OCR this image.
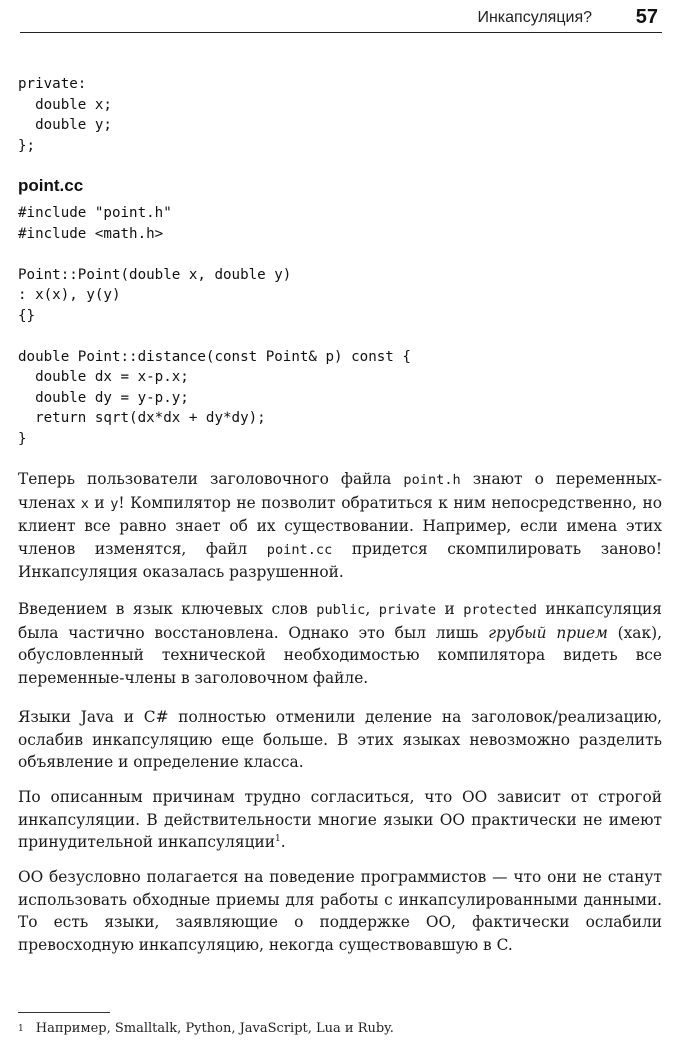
Инкапсуляция? 57
private:
double x;
double y;
};
point.cc
#include "point.h"
#include <math.h>

Point::Point(double x, double y)
: x(x), y(y)
{}

double Point::distance(const Point& p) const {
double dx = x-p.x;
double dy = y-p.y;
return sqrt(dx*dx + dy*dy);
}

Теперь пользователи заголовочного файла point.h знают о переменных-членах x и y! Компилятор не позволит обратиться к ним непосредственно, но клиент все равно знает об их существовании. Например, если имена этих членов изменятся, файл point.cc придется скомпилировать заново! Инкапсуляция оказалась разрушенной.

Введением в язык ключевых слов public, private и protected инкапсуляция была частично восстановлена. Однако это был лишь грубый прием (хак), обусловленный технической необходимостью компилятора видеть все переменные-члены в заголовочном файле.

Языки Java и C# полностью отменили деление на заголовок/реализацию, ослабив инкапсуляцию еще больше. В этих языках невозможно разделить объявление и определение класса.

По описанным причинам трудно согласиться, что ОО зависит от строгой инкапсуляции. В действительности многие языки ОО практически не имеют принудительной инкапсуляции$^1$.

ОО безусловно полагается на поведение программистов — что они не станут использовать обходные приемы для работы с инкапсулированными данными. То есть языки, заявляющие о поддержке ОО, фактически ослабили превосходную инкапсуляцию, некогда существовавшую в C.

$^1$ Например, Smalltalk, Python, JavaScript, Lua и Ruby.
